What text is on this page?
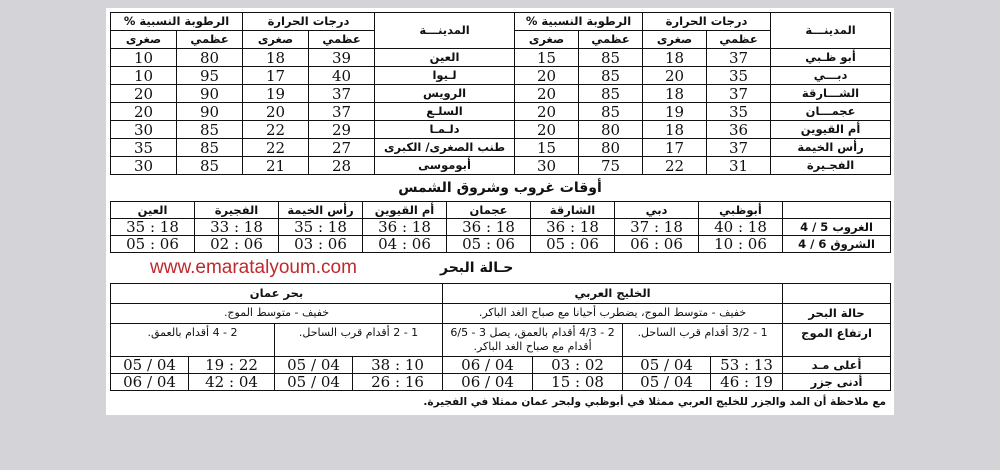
المدينـــة	درجات الحرارة		الرطوبة النسبية %		المدينـــة	درجات الحرارة		الرطوبة النسبية %	
	عظمي	صغرى	عظمي	صغرى		عظمي	صغرى	عظمي	صغرى
أبو ظـبي	37	18	85	15	العين	39	18	80	10
دبـــي	35	20	85	20	لـيوا	40	17	95	10
الشـــارقة	37	18	85	20	الرويس	37	19	90	20
عجمـــان	35	19	85	20	السلـع	37	20	90	20
أم القيوين	36	18	80	20	دلـمـا	29	22	85	30
رأس الخيمة	37	17	80	15	طنب الصغرى/ الكبرى	27	22	85	35
الفجـيرة	31	22	75	30	أبوموسى	28	21	85	30
أوقات غروب وشروق الشمس
	أبوظبي	دبي	الشارقة	عجمان	أم القيوين	رأس الخيمة	الفجيرة	العين
الغروب 5 / 4	18 : 40	18 : 37	18 : 36	18 : 36	18 : 36	18 : 35	18 : 33	18 : 35
الشروق 6 / 4	06 : 10	06 : 06	06 : 05	06 : 05	06 : 04	06 : 03	06 : 02	06 : 05
www.emaratalyoum.com	حـالة البحر
	الخليج العربي				بحر عمان			
حالة البحر	خفيف - متوسط الموج، يضطرب أحيانا مع صباح الغد الباكر.				خفيف - متوسط الموج.			
ارتفاع الموج	1 - 3/2 أقدام قرب الساحل.		2 - 4/3 أقدام بالعمق، يصل 3 - 6/5 أقدام مع صباح الغد الباكر.		1 - 2 أقدام قرب الساحل.		2 - 4 أقدام بالعمق.	
أعلى مـد	13 : 53	04 / 05	02 : 03	04 / 06	10 : 38	04 / 05	22 : 19	04 / 05
أدنى جزر	19 : 46	04 / 05	08 : 15	04 / 06	16 : 26	04 / 05	04 : 42	04 / 06
مع ملاحظة أن المد والجزر للخليج العربي ممثلا في أبوظبي ولبحر عمان ممثلا في الفجيرة.
